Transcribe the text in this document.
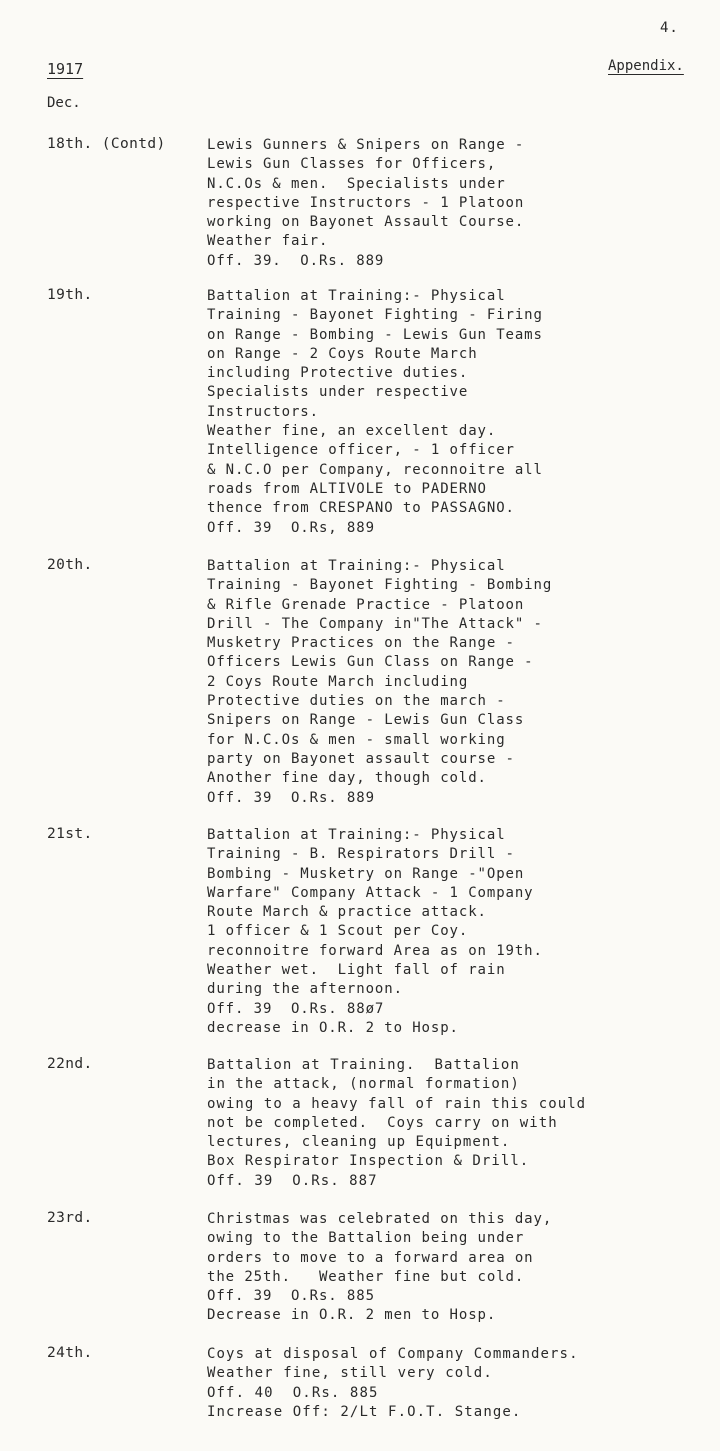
4.
1917	Appendix.
Dec.
18th. (Contd)	Lewis Gunners & Snipers on Range -
Lewis Gun Classes for Officers,
N.C.Os & men.  Specialists under
respective Instructors - 1 Platoon
working on Bayonet Assault Course.
Weather fair.
Off. 39.  O.Rs. 889
19th.	Battalion at Training:- Physical
Training - Bayonet Fighting - Firing
on Range - Bombing - Lewis Gun Teams
on Range - 2 Coys Route March
including Protective duties.
Specialists under respective
Instructors.
Weather fine, an excellent day.
Intelligence officer, - 1 officer
& N.C.O per Company, reconnoitre all
roads from ALTIVOLE to PADERNO
thence from CRESPANO to PASSAGNO.
Off. 39  O.Rs, 889
20th.	Battalion at Training:- Physical
Training - Bayonet Fighting - Bombing
& Rifle Grenade Practice - Platoon
Drill - The Company in"The Attack" -
Musketry Practices on the Range -
Officers Lewis Gun Class on Range -
2 Coys Route March including
Protective duties on the march -
Snipers on Range - Lewis Gun Class
for N.C.Os & men - small working
party on Bayonet assault course -
Another fine day, though cold.
Off. 39  O.Rs. 889
21st.	Battalion at Training:- Physical
Training - B. Respirators Drill -
Bombing - Musketry on Range -"Open
Warfare" Company Attack - 1 Company
Route March & practice attack.
1 officer & 1 Scout per Coy.
reconnoitre forward Area as on 19th.
Weather wet.  Light fall of rain
during the afternoon.
Off. 39  O.Rs. 88ø7
decrease in O.R. 2 to Hosp.
22nd.	Battalion at Training.  Battalion
in the attack, (normal formation)
owing to a heavy fall of rain this could
not be completed.  Coys carry on with
lectures, cleaning up Equipment.
Box Respirator Inspection & Drill.
Off. 39  O.Rs. 887
23rd.	Christmas was celebrated on this day,
owing to the Battalion being under
orders to move to a forward area on
the 25th.   Weather fine but cold.
Off. 39  O.Rs. 885
Decrease in O.R. 2 men to Hosp.
24th.	Coys at disposal of Company Commanders.
Weather fine, still very cold.
Off. 40  O.Rs. 885
Increase Off: 2/Lt F.O.T. Stange.
